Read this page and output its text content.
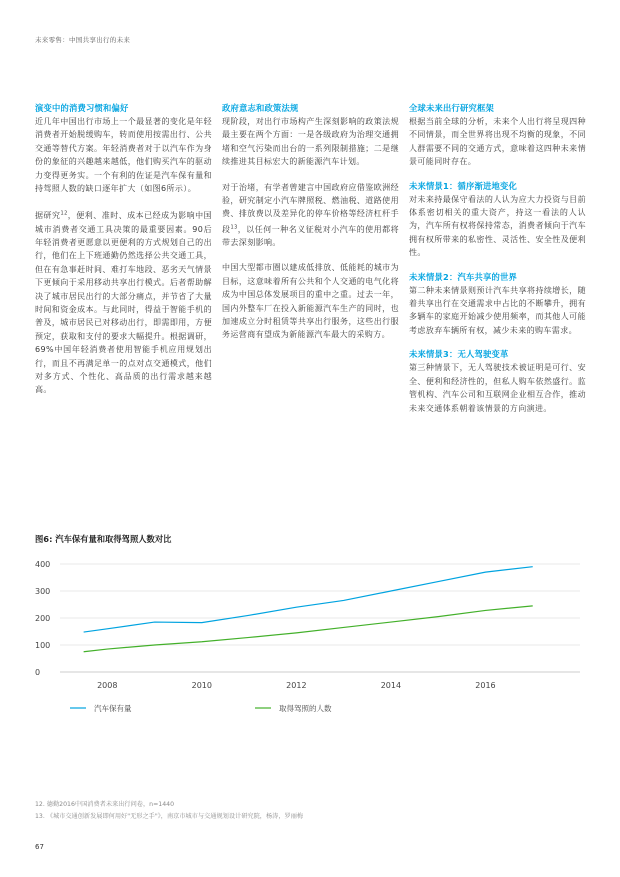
未来零售：中国共享出行的未来
演变中的消费习惯和偏好
近几年中国出行市场上一个最显著的变化是年轻消费者开始脱缓购车，转而使用按需出行、公共交通等替代方案。年轻消费者对于以汽车作为身份的象征的兴趣越来越低，他们购买汽车的驱动力变得更务实。一个有利的佐证是汽车保有量和持驾照人数的缺口逐年扩大（如图6所示）。
据研究$^{12}$，便利、准时、成本已经成为影响中国城市消费者交通工具决策的最重要因素。90后年轻消费者更愿意以更便利的方式规划自己的出行，他们在上下班通勤仍然选择公共交通工具，但在有急事赶时间、难打车地段、恶劣天气情景下更倾向于采用移动共享出行模式。后者帮助解决了城市居民出行的大部分痛点，并节省了大量时间和资金成本。与此同时，得益于智能手机的普及，城市居民已对移动出行，即需即用，方便预定，获取和支付的要求大幅提升。根据调研，69%中国年轻消费者使用智能手机应用规划出行，而且不再满足单一的点对点交通模式，他们对多方式、个性化、高品质的出行需求越来越高。
政府意志和政策法规
现阶段，对出行市场构产生深刻影响的政策法规最主要在两个方面：一是各级政府为治理交通拥堵和空气污染而出台的一系列限制措施；二是继续推进其目标宏大的新能源汽车计划。
对于治堵，有学者曾建言中国政府应借鉴欧洲经验，研究制定小汽车牌照税、燃油税、道路使用费、排放费以及差异化的停车价格等经济杠杆手段$^{13}$，以任何一种名义征税对小汽车的使用都将带去深刻影响。
中国大型都市圈以建成低排放、低能耗的城市为目标，这意味着所有公共和个人交通的电气化将成为中国总体发展项目的重中之重。过去一年，国内外整车厂在投入新能源汽车生产的同时，也加速成立分时租赁等共享出行服务，这些出行服务运营商有望成为新能源汽车最大的采购方。
全球未来出行研究框架
根据当前全球的分析，未来个人出行将呈现四种不同情景，而全世界将出现不均衡的现象，不同人群需要不同的交通方式，意味着这四种未来情景可能同时存在。
未来情景1：循序渐进地变化
对未来持最保守看法的人认为应大力投资与目前体系密切相关的重大资产，持这一看法的人认为，汽车所有权将保持常态，消费者倾向于汽车拥有权所带来的私密性、灵活性、安全性及便利性。
未来情景2：汽车共享的世界
第二种未来情景则预计汽车共享将持续增长，随着共享出行在交通需求中占比的不断攀升，拥有多辆车的家庭开始减少使用频率，而其他人可能考虑放弃车辆所有权，减少未来的购车需求。
未来情景3：无人驾驶变革
第三种情景下，无人驾驶技术被证明是可行、安全、便利和经济性的，但私人购车依然盛行。监管机构、汽车公司和互联网企业相互合作，推动未来交通体系朝着该情景的方向演进。
图6: 汽车保有量和取得驾照人数对比
400
300
200
100
0
2008	2010	2012	2014	2016
汽车保有量	取得驾照的人数
12. 德勤2016中国消费者未来出行问卷，n=1440
13. 《城市交通创新发展即何用好"无形之手"》，南京市城市与交通规划设计研究院，杨涛，罗丽梅
67
